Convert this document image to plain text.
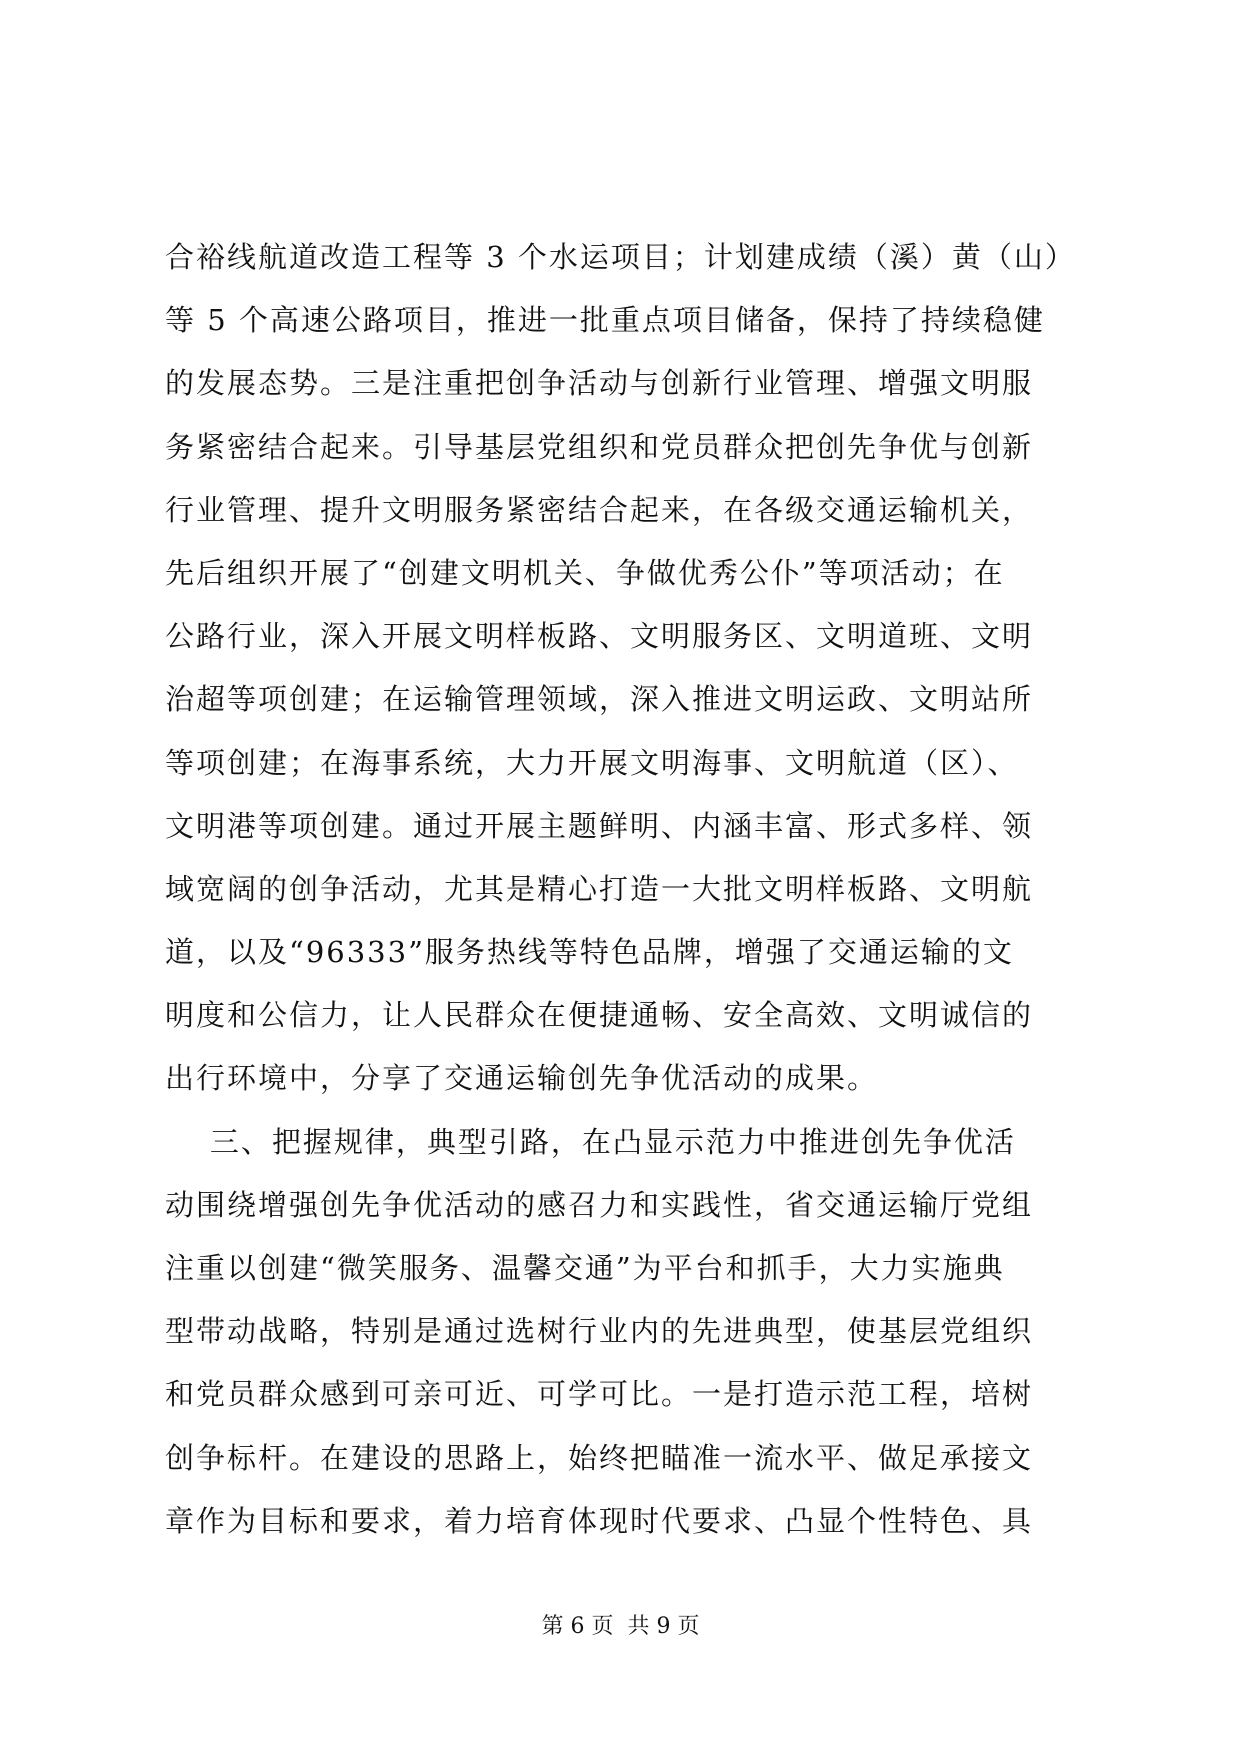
合裕线航道改造工程等 3 个水运项目；计划建成绩（溪）黄（山）
等 5 个高速公路项目，推进一批重点项目储备，保持了持续稳健
的发展态势。三是注重把创争活动与创新行业管理、增强文明服
务紧密结合起来。引导基层党组织和党员群众把创先争优与创新
行业管理、提升文明服务紧密结合起来，在各级交通运输机关，
先后组织开展了“创建文明机关、争做优秀公仆”等项活动；在
公路行业，深入开展文明样板路、文明服务区、文明道班、文明
治超等项创建；在运输管理领域，深入推进文明运政、文明站所
等项创建；在海事系统，大力开展文明海事、文明航道（区）、
文明港等项创建。通过开展主题鲜明、内涵丰富、形式多样、领
域宽阔的创争活动，尤其是精心打造一大批文明样板路、文明航
道，以及“96333”服务热线等特色品牌，增强了交通运输的文
明度和公信力，让人民群众在便捷通畅、安全高效、文明诚信的
出行环境中，分享了交通运输创先争优活动的成果。
三、把握规律，典型引路，在凸显示范力中推进创先争优活
动围绕增强创先争优活动的感召力和实践性，省交通运输厅党组
注重以创建“微笑服务、温馨交通”为平台和抓手，大力实施典
型带动战略，特别是通过选树行业内的先进典型，使基层党组织
和党员群众感到可亲可近、可学可比。一是打造示范工程，培树
创争标杆。在建设的思路上，始终把瞄准一流水平、做足承接文
章作为目标和要求，着力培育体现时代要求、凸显个性特色、具
第 6 页  共 9 页
